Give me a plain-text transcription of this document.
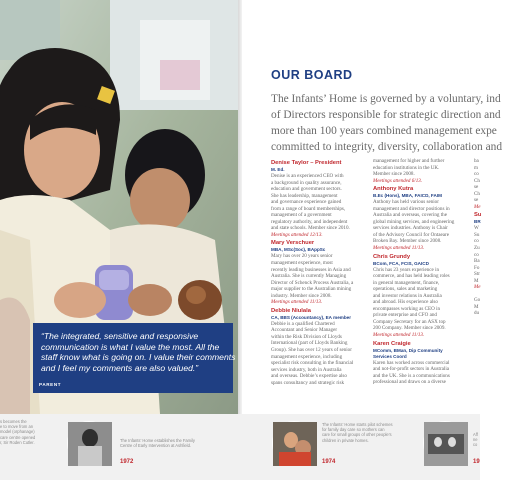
“The integrated, sensitive and responsive
communication is what I value the most. All the
staff know what is going on. I value their comments
and I feel my comments are also valued.”

PARENT
OUR BOARD
The Infants’ Home is governed by a voluntary, ind
of Directors responsible for strategic direction and
more than 100 years combined management expe
committed to integrity, diversity, collaboration and
Denise Taylor – President
M. Ed.
Denise is an experienced CEO with
a background in quality assurance,
education and government sectors.
She has leadership, management
and governance experience gained
from a range of board memberships,
management of a government
regulatory authority, and independent
and state schools. Member since 2010.
Meetings attended 12/13.
Mary Verschuer
MBA, MSc(Soc), BAppSc
Mary has over 20 years senior
management experience, most
recently leading businesses in Asia and
Australia. She is currently Managing
Director of Schenck Process Australia, a
major supplier to the Australian mining
industry. Member since 2008.
Meetings attended 11/13.
Debbie Niulala
CA, BBS (Accountancy), EA member
Debbie is a qualified Chartered
Accountant and Senior Manager
within the Risk Division of Lloyds
International (part of Lloyds Banking
Group). She has over 12 years of senior
management experience, including
specialist risk consulting in the financial
services industry, both in Australia
and overseas. Debbie’s expertise also
spans consultancy and strategic risk
management for higher and further
education institutions in the UK.
Member since 2008.
Meetings attended 6/13.
Anthony Kutra
B.Ec (Hons), MBA, FAICD, FAIM
Anthony has held various senior
management and director positions in
Australia and overseas, covering the
global mining services, and engineering
services industries. Anthony is Chair
of the Advisory Council for Ontaeare
Broken Bay. Member since 2008.
Meetings attended 11/13.
Chris Grundy
BCom, FCA, FCIS, GAICD
Chris has 23 years experience in
commerce, and has held leading roles
in general management, finance,
operations, sales and marketing
and investor relations in Australia
and abroad. His experience also
encompasses working as CEO in
private enterprise and CFO and
Company Secretary for an ASX top
200 Company. Member since 2009.
Meetings attended 11/13.
Karen Craigie
MComm, BMan, Dip Community
Services Coord
Karen has worked across commercial
and not-for-profit sectors in Australia
and the UK. She is a communications
professional and draws on a diverse
ba
m
co
Ch
se
Ch
se
Me
Su
BR
W
Su
co
Zu
co
Ba
Fo
Str
M
Me

Go
M
du
s becomes the
e to move from an
model (orphanage)
care centre opened
r, Sir Roden Cutler.	The Infants’ Home establishes the Family
Centre of Early Intervention at Ashfield.
1972
The Infants’ Home starts pilot schemes
for family day care so mothers can
care for small groups of other people’s
children in private homes.
1974
Aff
ne
co
19
